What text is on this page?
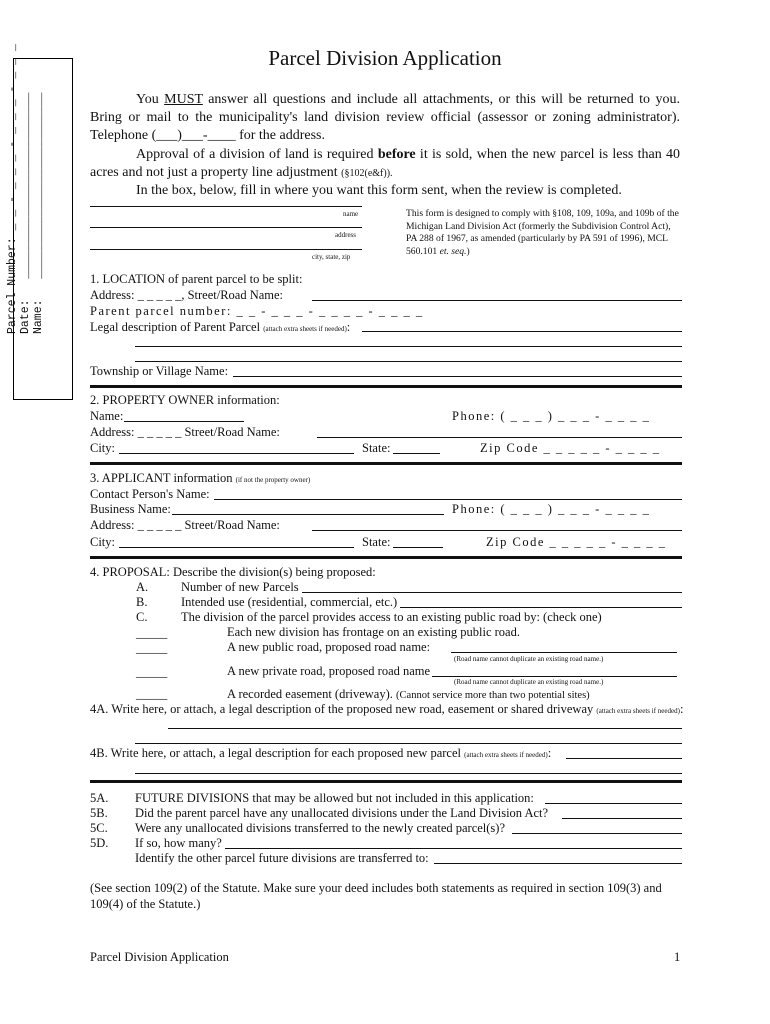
Parcel Division Application
Parcel Number: _ _ - _ _ _ - _ _ _ - _ _ _ Date:   ___________________________ Name:   ___________________________	You MUST answer all questions and include all attachments, or this will be returned to you. Bring or mail to the municipality's land division review official (assessor or zoning administrator). Telephone (___)___-____ for the address.
Approval of a division of land is required before it is sold, when the new parcel is less than 40 acres and not just a property line adjustment (§102(e&f)).
In the box, below, fill in where you want this form sent, when the review is completed.
name
address
city, state, zip
This form is designed to comply with §108, 109, 109a, and 109b of the Michigan Land Division Act (formerly the Subdivision Control Act), PA 288 of 1967, as amended (particularly by PA 591 of 1996), MCL 560.101 et. seq.)
1. LOCATION of parent parcel to be split:
Address: _ _ _ _ _, Street/Road Name:
Parent parcel number: _ _ - _ _ _ - _ _ _ _ - _ _ _ _
Legal description of Parent Parcel (attach extra sheets if needed):
Township or Village Name:
2. PROPERTY OWNER information:
Name:	Phone: ( _ _ _ ) _ _ _ - _ _ _ _
Address: _ _ _ _ _ Street/Road Name:
City:	State:	Zip Code _ _ _ _ _ - _ _ _ _
3. APPLICANT information (if not the property owner)
Contact Person's Name:
Business Name:	Phone: ( _ _ _ ) _ _ _ - _ _ _ _
Address: _ _ _ _ _ Street/Road Name:
City:	State:	Zip Code _ _ _ _ _ - _ _ _ _
4. PROPOSAL: Describe the division(s) being proposed:
A.	Number of new Parcels
B.	Intended use (residential, commercial, etc.)
C.	The division of the parcel provides access to an existing public road by: (check one)
_____	Each new division has frontage on an existing public road.
_____	A new public road, proposed road name:
(Road name cannot duplicate an existing road name.)
_____	A new private road, proposed road name
(Road name cannot duplicate an existing road name.)
_____	A recorded easement (driveway). (Cannot service more than two potential sites)
4A. Write here, or attach, a legal description of the proposed new road, easement or shared driveway (attach extra sheets if needed):
4B. Write here, or attach, a legal description for each proposed new parcel (attach extra sheets if needed):
5A. FUTURE DIVISIONS that may be allowed but not included in this application:
5B. Did the parent parcel have any unallocated divisions under the Land Division Act?
5C. Were any unallocated divisions transferred to the newly created parcel(s)?
5D. If so, how many?
Identify the other parcel future divisions are transferred to:
(See section 109(2) of the Statute. Make sure your deed includes both statements as required in section 109(3) and 109(4) of the Statute.)
Parcel Division Application	1
